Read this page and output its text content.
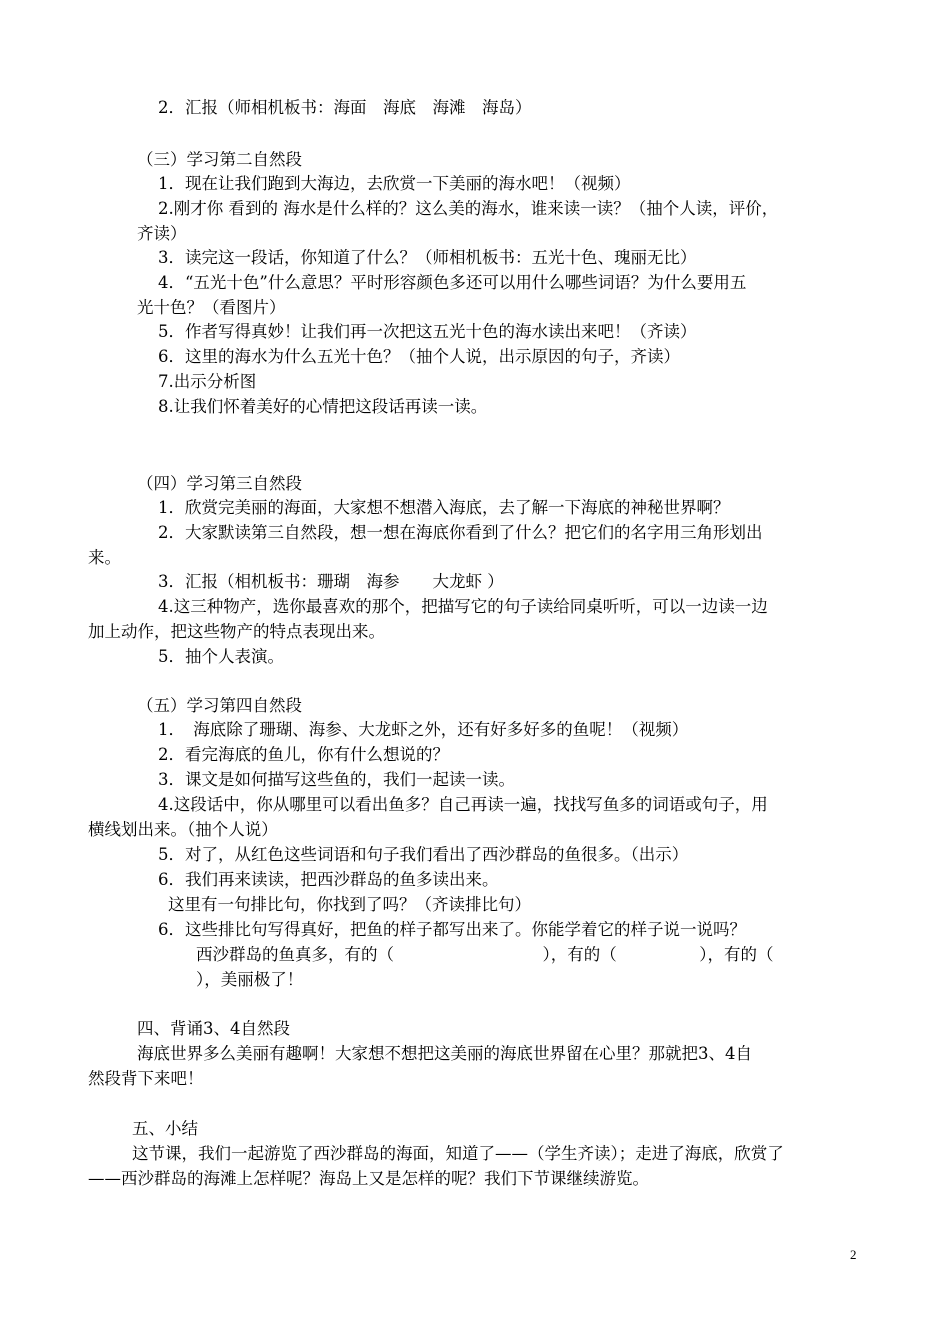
2．汇报（师相机板书：海面　海底　海滩　海岛）
（三）学习第二自然段
1．现在让我们跑到大海边，去欣赏一下美丽的海水吧！（视频）
2.刚才你 看到的 海水是什么样的？这么美的海水，谁来读一读？（抽个人读，评价，
齐读）
3．读完这一段话，你知道了什么？（师相机板书：五光十色、瑰丽无比）
4．“五光十色”什么意思？平时形容颜色多还可以用什么哪些词语？为什么要用五
光十色？（看图片）
5．作者写得真妙！让我们再一次把这五光十色的海水读出来吧！（齐读）
6．这里的海水为什么五光十色？（抽个人说，出示原因的句子，齐读）
7.出示分析图
8.让我们怀着美好的心情把这段话再读一读。
（四）学习第三自然段
1．欣赏完美丽的海面，大家想不想潜入海底，去了解一下海底的神秘世界啊？
2．大家默读第三自然段，想一想在海底你看到了什么？把它们的名字用三角形划出
来。
3．汇报（相机板书：珊瑚　海参　　大龙虾 ）
4.这三种物产，选你最喜欢的那个，把描写它的句子读给同桌听听，可以一边读一边
加上动作，把这些物产的特点表现出来。
5．抽个人表演。
（五）学习第四自然段
1．　海底除了珊瑚、海参、大龙虾之外，还有好多好多的鱼呢！（视频）
2．看完海底的鱼儿，你有什么想说的？
3．课文是如何描写这些鱼的，我们一起读一读。
4.这段话中，你从哪里可以看出鱼多？自己再读一遍，找找写鱼多的词语或句子，用
横线划出来。（抽个人说）
5．对了，从红色这些词语和句子我们看出了西沙群岛的鱼很多。（出示）
6．我们再来读读，把西沙群岛的鱼多读出来。
这里有一句排比句，你找到了吗？（齐读排比句）
6．这些排比句写得真好，把鱼的样子都写出来了。你能学着它的样子说一说吗？
西沙群岛的鱼真多，有的（　　　　　　　　　），有的（　　　　　），有的（
），美丽极了！
四、背诵3、4自然段
海底世界多么美丽有趣啊！大家想不想把这美丽的海底世界留在心里？那就把3、4自
然段背下来吧！
五、小结
这节课，我们一起游览了西沙群岛的海面，知道了——（学生齐读）；走进了海底，欣赏了
——西沙群岛的海滩上怎样呢？海岛上又是怎样的呢？我们下节课继续游览。
2
